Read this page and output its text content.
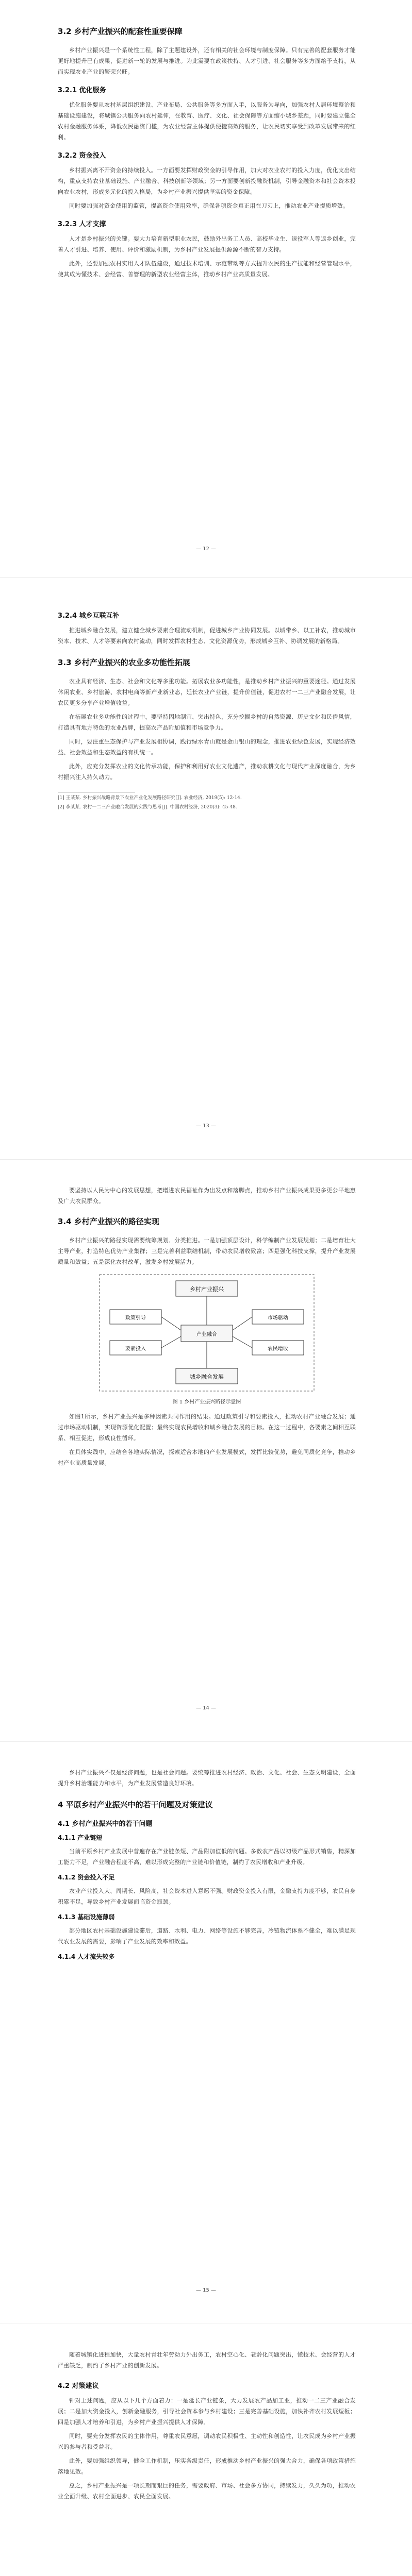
3.2 乡村产业振兴的配套性重要保障

乡村产业振兴是一个系统性工程，除了主题建设外，还有相关的社会环境与制度保障。只有完善的配套服务才能更好地提升已有成果，促进新一轮的发展与推进。为此需要在政策扶持、人才引进、社会服务等多方面给予支持，从而实现农业产业的繁荣兴旺。

3.2.1 优化服务

优化服务要从农村基层组织建设、产业布局、公共服务等多方面入手，以服务为导向，加强农村人居环境整治和基础设施建设，将城镇公共服务向农村延伸，在教育、医疗、文化、社会保障等方面缩小城乡差距，同时要建立健全农村金融服务体系，降低农民融资门槛，为农业经营主体提供便捷高效的服务，让农民切实享受到改革发展带来的红利。

3.2.2 资金投入

乡村振兴离不开资金的持续投入。一方面要发挥财政资金的引导作用，加大对农业农村的投入力度，优化支出结构，重点支持农业基础设施、产业融合、科技创新等领域；另一方面要创新投融资机制，引导金融资本和社会资本投向农业农村，形成多元化的投入格局，为乡村产业振兴提供坚实的资金保障。

同时要加强对资金使用的监管，提高资金使用效率，确保各项资金真正用在刀刃上，推动农业产业提质增效。

3.2.3 人才支撑

人才是乡村振兴的关键。要大力培育新型职业农民，鼓励外出务工人员、高校毕业生、退役军人等返乡创业，完善人才引进、培养、使用、评价和激励机制，为乡村产业发展提供源源不断的智力支持。

此外，还要加强农村实用人才队伍建设，通过技术培训、示范带动等方式提升农民的生产技能和经营管理水平，使其成为懂技术、会经营、善管理的新型农业经营主体，推动乡村产业高质量发展。

— 12 —
3.2.4 城乡互联互补

推进城乡融合发展，建立健全城乡要素合理流动机制，促进城乡产业协同发展。以城带乡、以工补农，推动城市资本、技术、人才等要素向农村流动，同时发挥农村生态、文化资源优势，形成城乡互补、协调发展的新格局。

3.3 乡村产业振兴的农业多功能性拓展

农业具有经济、生态、社会和文化等多重功能。拓展农业多功能性，是推动乡村产业振兴的重要途径。通过发展休闲农业、乡村旅游、农村电商等新产业新业态，延长农业产业链，提升价值链，促进农村一二三产业融合发展，让农民更多分享产业增值收益。

在拓展农业多功能性的过程中，要坚持因地制宜、突出特色，充分挖掘乡村的自然资源、历史文化和民俗风情，打造具有地方特色的农业品牌，提高农产品附加值和市场竞争力。

同时，要注重生态保护与产业发展相协调，践行绿水青山就是金山银山的理念，推进农业绿色发展，实现经济效益、社会效益和生态效益的有机统一。

此外，应充分发挥农业的文化传承功能，保护和利用好农业文化遗产，推动农耕文化与现代产业深度融合，为乡村振兴注入持久动力。

[1] 王某某. 乡村振兴战略背景下农业产业化发展路径研究[J]. 农业经济, 2019(5): 12-14.

[2] 李某某. 农村一二三产业融合发展的实践与思考[J]. 中国农村经济, 2020(3): 45-48.

— 13 —

要坚持以人民为中心的发展思想，把增进农民福祉作为出发点和落脚点，推动乡村产业振兴成果更多更公平地惠及广大农民群众。

3.4 乡村产业振兴的路径实现

乡村产业振兴的路径实现需要统筹规划、分类推进。一是加强顶层设计，科学编制产业发展规划；二是培育壮大主导产业，打造特色优势产业集群；三是完善利益联结机制，带动农民增收致富；四是强化科技支撑，提升产业发展质量和效益；五是深化农村改革，激发乡村发展活力。

乡村产业振兴
政策引导
要素投入
产业融合
市场驱动
农民增收
城乡融合发展
图 1 乡村产业振兴路径示意图

如图1所示，乡村产业振兴是多种因素共同作用的结果。通过政策引导和要素投入，推动农村产业融合发展；通过市场驱动机制，实现资源优化配置；最终实现农民增收和城乡融合发展的目标。在这一过程中，各要素之间相互联系、相互促进，形成良性循环。

在具体实践中，应结合各地实际情况，探索适合本地的产业发展模式，发挥比较优势，避免同质化竞争，推动乡村产业高质量发展。

— 14 —

乡村产业振兴不仅是经济问题，也是社会问题。要统筹推进农村经济、政治、文化、社会、生态文明建设，全面提升乡村治理能力和水平，为产业发展营造良好环境。

4 平原乡村产业振兴中的若干问题及对策建议
4.1 乡村产业振兴中的若干问题
4.1.1 产业链短

当前平原乡村产业发展中普遍存在产业链条短、产品附加值低的问题。多数农产品以初级产品形式销售，精深加工能力不足，产业融合程度不高，难以形成完整的产业链和价值链，制约了农民增收和产业升级。

4.1.2 资金投入不足

农业产业投入大、周期长、风险高，社会资本进入意愿不强。财政资金投入有限，金融支持力度不够，农民自身积累不足，导致乡村产业发展面临资金瓶颈。

4.1.3 基础设施薄弱

部分地区农村基础设施建设滞后，道路、水利、电力、网络等设施不够完善，冷链物流体系不健全，难以满足现代农业发展的需要，影响了产业发展的效率和效益。

4.1.4 人才流失较多
— 15 —

随着城镇化进程加快，大量农村青壮年劳动力外出务工，农村空心化、老龄化问题突出，懂技术、会经营的人才严重缺乏，制约了乡村产业的创新发展。

4.2 对策建议

针对上述问题，应从以下几个方面着力：一是延长产业链条，大力发展农产品加工业，推动一二三产业融合发展；二是加大资金投入，创新金融服务，引导社会资本参与乡村建设；三是完善基础设施，加快补齐农村发展短板；四是加强人才培养和引进，为乡村产业振兴提供人才保障。

同时，要充分发挥农民的主体作用，尊重农民意愿，调动农民积极性、主动性和创造性，让农民成为乡村产业振兴的参与者和受益者。

此外，要加强组织领导，健全工作机制，压实各级责任，形成推动乡村产业振兴的强大合力，确保各项政策措施落地见效。

总之，乡村产业振兴是一项长期而艰巨的任务，需要政府、市场、社会多方协同，持续发力，久久为功，推动农业全面升级、农村全面进步、农民全面发展。
